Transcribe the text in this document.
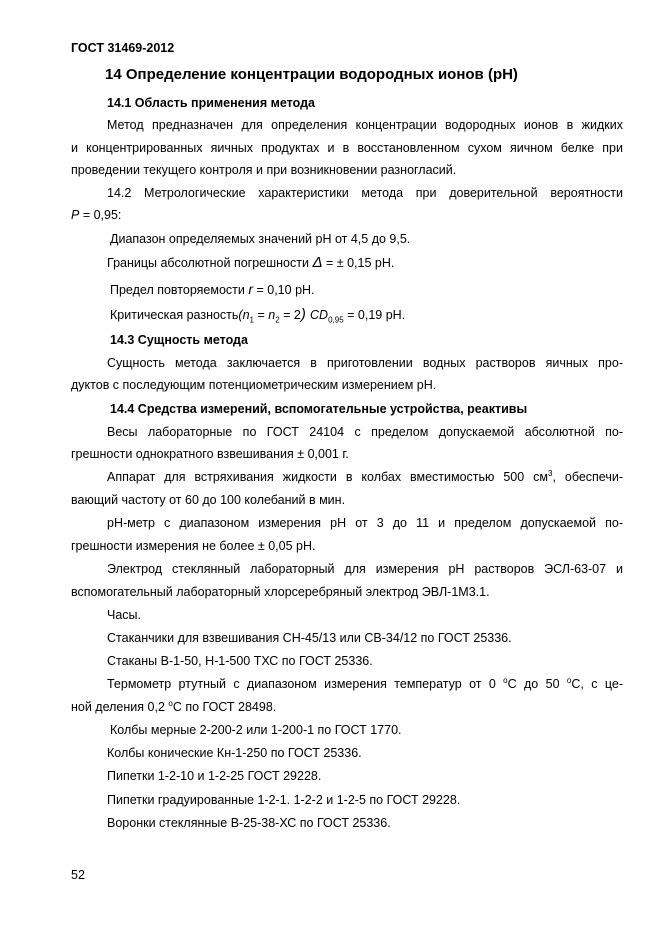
ГОСТ 31469-2012
14 Определение концентрации водородных ионов (рН)
14.1 Область применения метода
Метод предназначен для определения концентрации водородных ионов в жидких
и концентрированных яичных продуктах и в восстановленном сухом яичном белке при
проведении текущего контроля и при возникновении разногласий.
14.2 Метрологические характеристики метода при доверительной вероятности
P = 0,95:
Диапазон определяемых значений рН от 4,5 до 9,5.
Границы абсолютной погрешности Δ = ± 0,15 рН.
Предел повторяемости r = 0,10 рН.
Критическая $разность(n_1 = n_2 = 2) CD_{0,95} = 0,19$ рН.
14.3 Сущность метода
Сущность метода заключается в приготовлении водных растворов яичных про-
дуктов с последующим потенциометрическим измерением рН.
14.4 Средства измерений, вспомогательные устройства, реактивы
Весы лабораторные по ГОСТ 24104 с пределом допускаемой абсолютной по-
грешности однократного взвешивания ± 0,001 г.
Аппарат для встряхивания жидкости в колбах вместимостью 500 $см^3$, обеспечи-
вающий частоту от 60 до 100 колебаний в мин.
рН-метр с диапазоном измерения рН от 3 до 11 и пределом допускаемой по-
грешности измерения не более ± 0,05 рН.
Электрод стеклянный лабораторный для измерения рН растворов ЭСЛ-63-07 и
вспомогательный лабораторный хлорсеребряный электрод ЭВЛ-1М3.1.
Часы.
Стаканчики для взвешивания СН-45/13 или СВ-34/12 по ГОСТ 25336.
Стаканы В-1-50, Н-1-500 ТХС по ГОСТ 25336.
Термометр ртутный с диапазоном измерения температур от 0 $^o$С до 50 $^o$С, с це-
ной деления 0,2 $^o$С по ГОСТ 28498.
Колбы мерные 2-200-2 или 1-200-1 по ГОСТ 1770.
Колбы конические Кн-1-250 по ГОСТ 25336.
Пипетки 1-2-10 и 1-2-25 ГОСТ 29228.
Пипетки градуированные 1-2-1. 1-2-2 и 1-2-5 по ГОСТ 29228.
Воронки стеклянные В-25-38-ХС по ГОСТ 25336.
52
